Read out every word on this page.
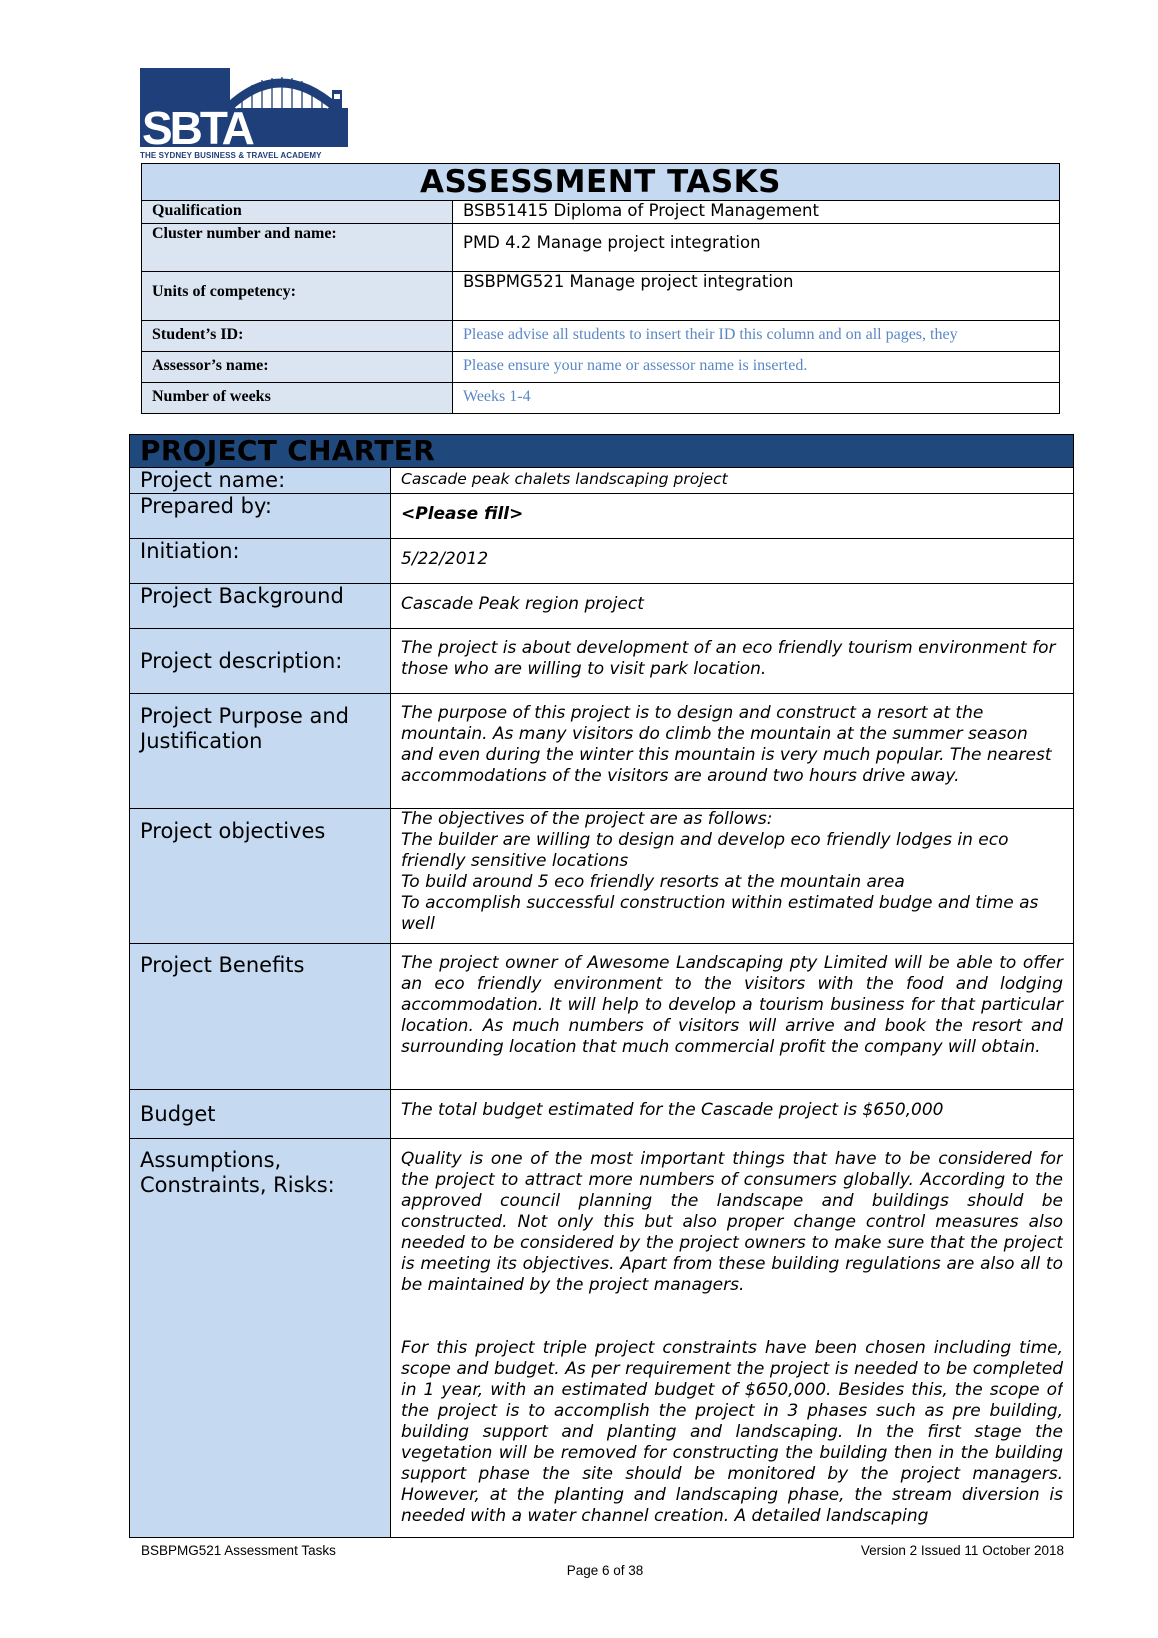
SBTA
THE SYDNEY BUSINESS & TRAVEL ACADEMY
ASSESSMENT TASKS	
Qualification	BSB51415 Diploma of Project Management
Cluster number and name:	PMD 4.2 Manage project integration
Units of competency:	BSBPMG521 Manage project integration
Student’s ID:	Please advise all students to insert their ID this column and on all pages, they

Assessor’s name:	Please ensure your name or assessor name is inserted.
Number of weeks	Weeks 1-4
PROJECT CHARTER	
Project name:	Cascade peak chalets landscaping project
Prepared by:	<Please fill>
Initiation:	5/22/2012
Project Background	Cascade Peak region project
Project description:	The project is about development of an eco friendly tourism environment for those who are willing to visit park location.
Project Purpose and Justification	The purpose of this project is to design and construct a resort at the mountain. As many visitors do climb the mountain at the summer season and even during the winter this mountain is very much popular. The nearest accommodations of the visitors are around two hours drive away.
Project objectives	The objectives of the project are as follows:
The builder are willing to design and develop eco friendly lodges in eco friendly sensitive locations
To build around 5 eco friendly resorts at the mountain area
To accomplish successful construction within estimated budge and time as well

Project Benefits	The project owner of Awesome Landscaping pty Limited will be able to offer an eco friendly environment to the visitors with the food and lodging accommodation. It will help to develop a tourism business for that particular location. As much numbers of visitors will arrive and book the resort and surrounding location that much commercial profit the company will obtain.
Budget	The total budget estimated for the Cascade project is $650,000
Assumptions, Constraints, Risks:	Quality is one of the most important things that have to be considered for the project to attract more numbers of consumers globally. According to the approved council planning the landscape and buildings should be constructed. Not only this but also proper change control measures also needed to be considered by the project owners to make sure that the project is meeting its objectives. Apart from these building regulations are also all to be maintained by the project managers.
For this project triple project constraints have been chosen including time, scope and budget. As per requirement the project is needed to be completed in 1 year, with an estimated budget of $650,000. Besides this, the scope of the project is to accomplish the project in 3 phases such as pre building, building support and planting and landscaping. In the first stage the vegetation will be removed for constructing the building then in the building support phase the site should be monitored by the project managers. However, at the planting and landscaping phase, the stream diversion is needed with a water channel creation. A detailed landscaping
BSBPMG521 Assessment Tasks	Version 2 Issued 11 October 2018
Page 6 of 38
